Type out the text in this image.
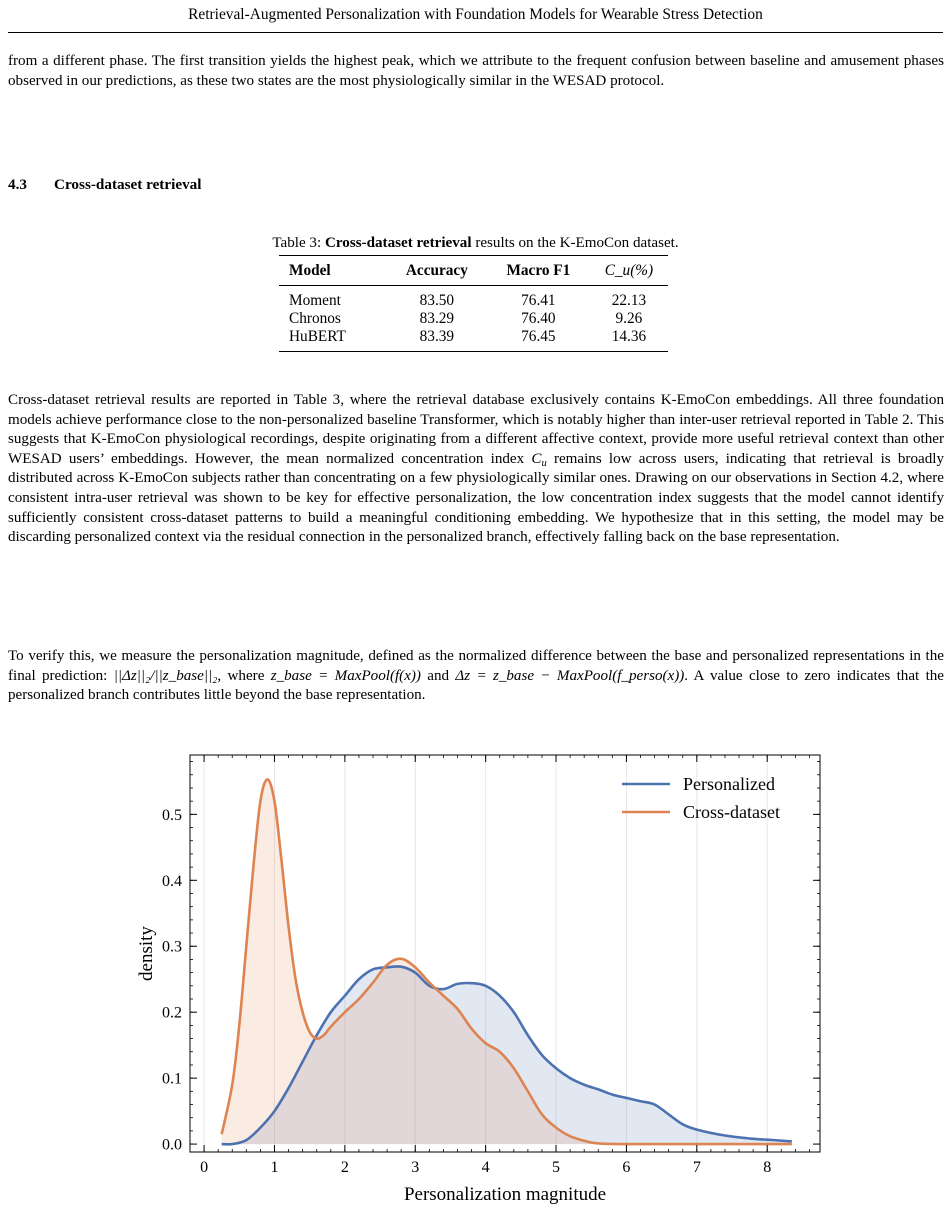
Retrieval-Augmented Personalization with Foundation Models for Wearable Stress Detection

from a different phase. The first transition yields the highest peak, which we attribute to the frequent confusion between baseline and amusement phases observed in our predictions, as these two states are the most physiologically similar in the WESAD protocol.

4.3 Cross-dataset retrieval
Table 3: Cross-dataset retrieval results on the K-EmoCon dataset.
Model	Accuracy	Macro F1	C_u(%)
Moment	83.50	76.41	22.13
Chronos	83.29	76.40	9.26
HuBERT	83.39	76.45	14.36

Cross-dataset retrieval results are reported in Table 3, where the retrieval database exclusively contains K-EmoCon embeddings. All three foundation models achieve performance close to the non-personalized baseline Transformer, which is notably higher than inter-user retrieval reported in Table 2. This suggests that K-EmoCon physiological recordings, despite originating from a different affective context, provide more useful retrieval context than other WESAD users’ embeddings. However, the mean normalized concentration index $C_u$ remains low across users, indicating that retrieval is broadly distributed across K-EmoCon subjects rather than concentrating on a few physiologically similar ones. Drawing on our observations in Section 4.2, where consistent intra-user retrieval was shown to be key for effective personalization, the low concentration index suggests that the model cannot identify sufficiently consistent cross-dataset patterns to build a meaningful conditioning embedding. We hypothesize that in this setting, the model may be discarding personalized context via the residual connection in the personalized branch, effectively falling back on the base representation.

To verify this, we measure the personalization magnitude, defined as the normalized difference between the base and personalized representations in the final prediction: ||Δz||₂/||z_base||₂, where z_base = MaxPool(f(x)) and Δz = z_base − MaxPool(f_perso(x)). A value close to zero indicates that the personalized branch contributes little beyond the base representation.

0	1	2	3	4	5	6	7	8
0.0
0.1
0.2
0.3
0.4
0.5
Personalization magnitude
density
Personalized
Cross-dataset
